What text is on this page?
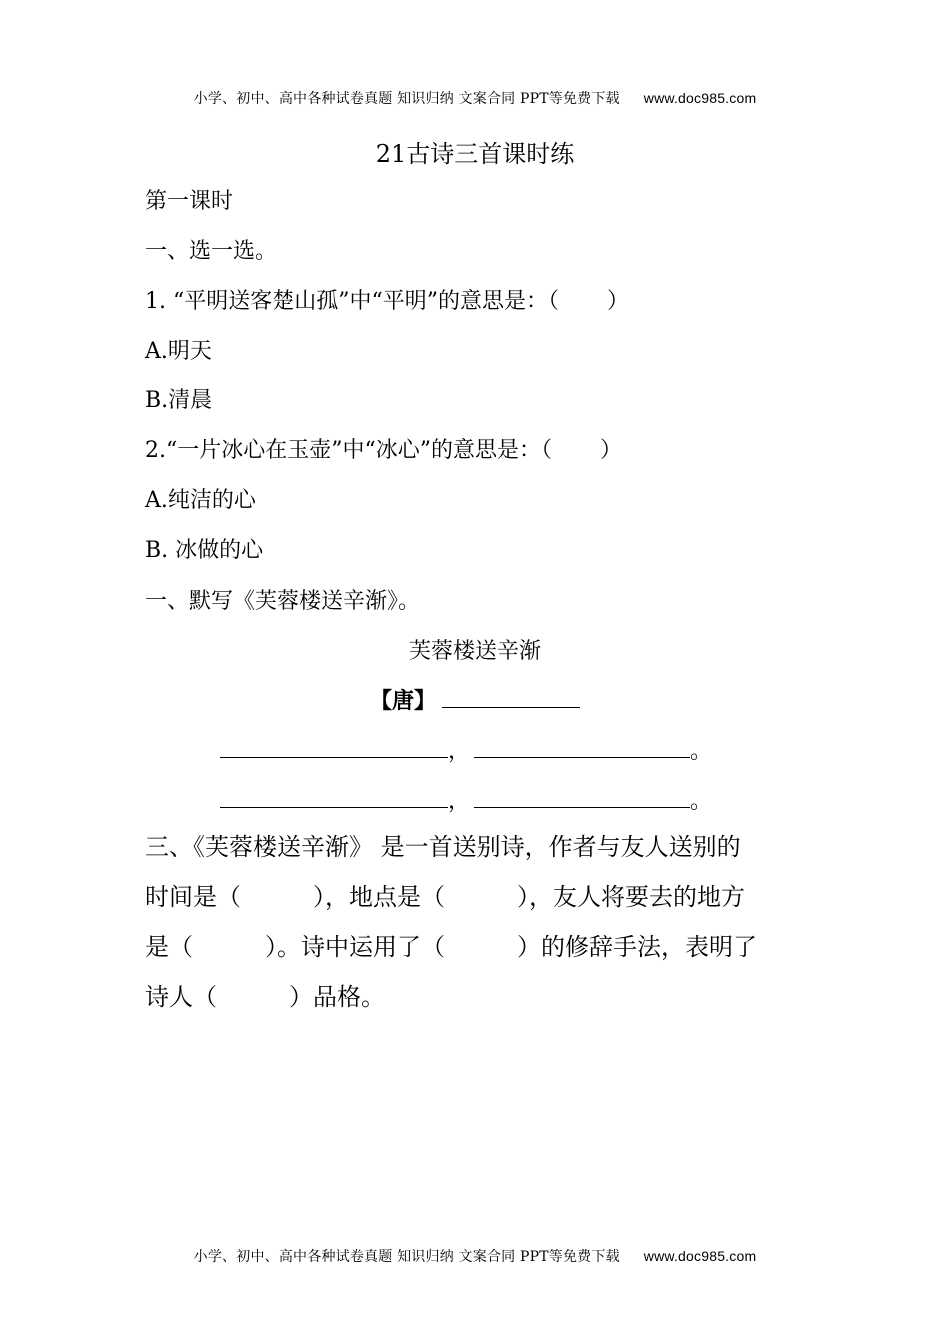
小学、初中、高中各种试卷真题 知识归纳 文案合同 PPT等免费下载 www.doc985.com
21古诗三首课时练
第一课时
一、选一选。
1. “平明送客楚山孤”中“平明”的意思是：（ ）
A.明天
B.清晨
2.“一片冰心在玉壶”中“冰心”的意思是：（ ）
A.纯洁的心
B. 冰做的心
一、默写《芙蓉楼送辛渐》。
芙蓉楼送辛渐
【唐】
，	。
，	。
三、《芙蓉楼送辛渐》 是一首送别诗，作者与友人送别的
时间是（　　　），地点是（　　　），友人将要去的地方
是（　　　）。诗中运用了（　　　）的修辞手法，表明了
诗人（　　　）品格。
小学、初中、高中各种试卷真题 知识归纳 文案合同 PPT等免费下载 www.doc985.com
